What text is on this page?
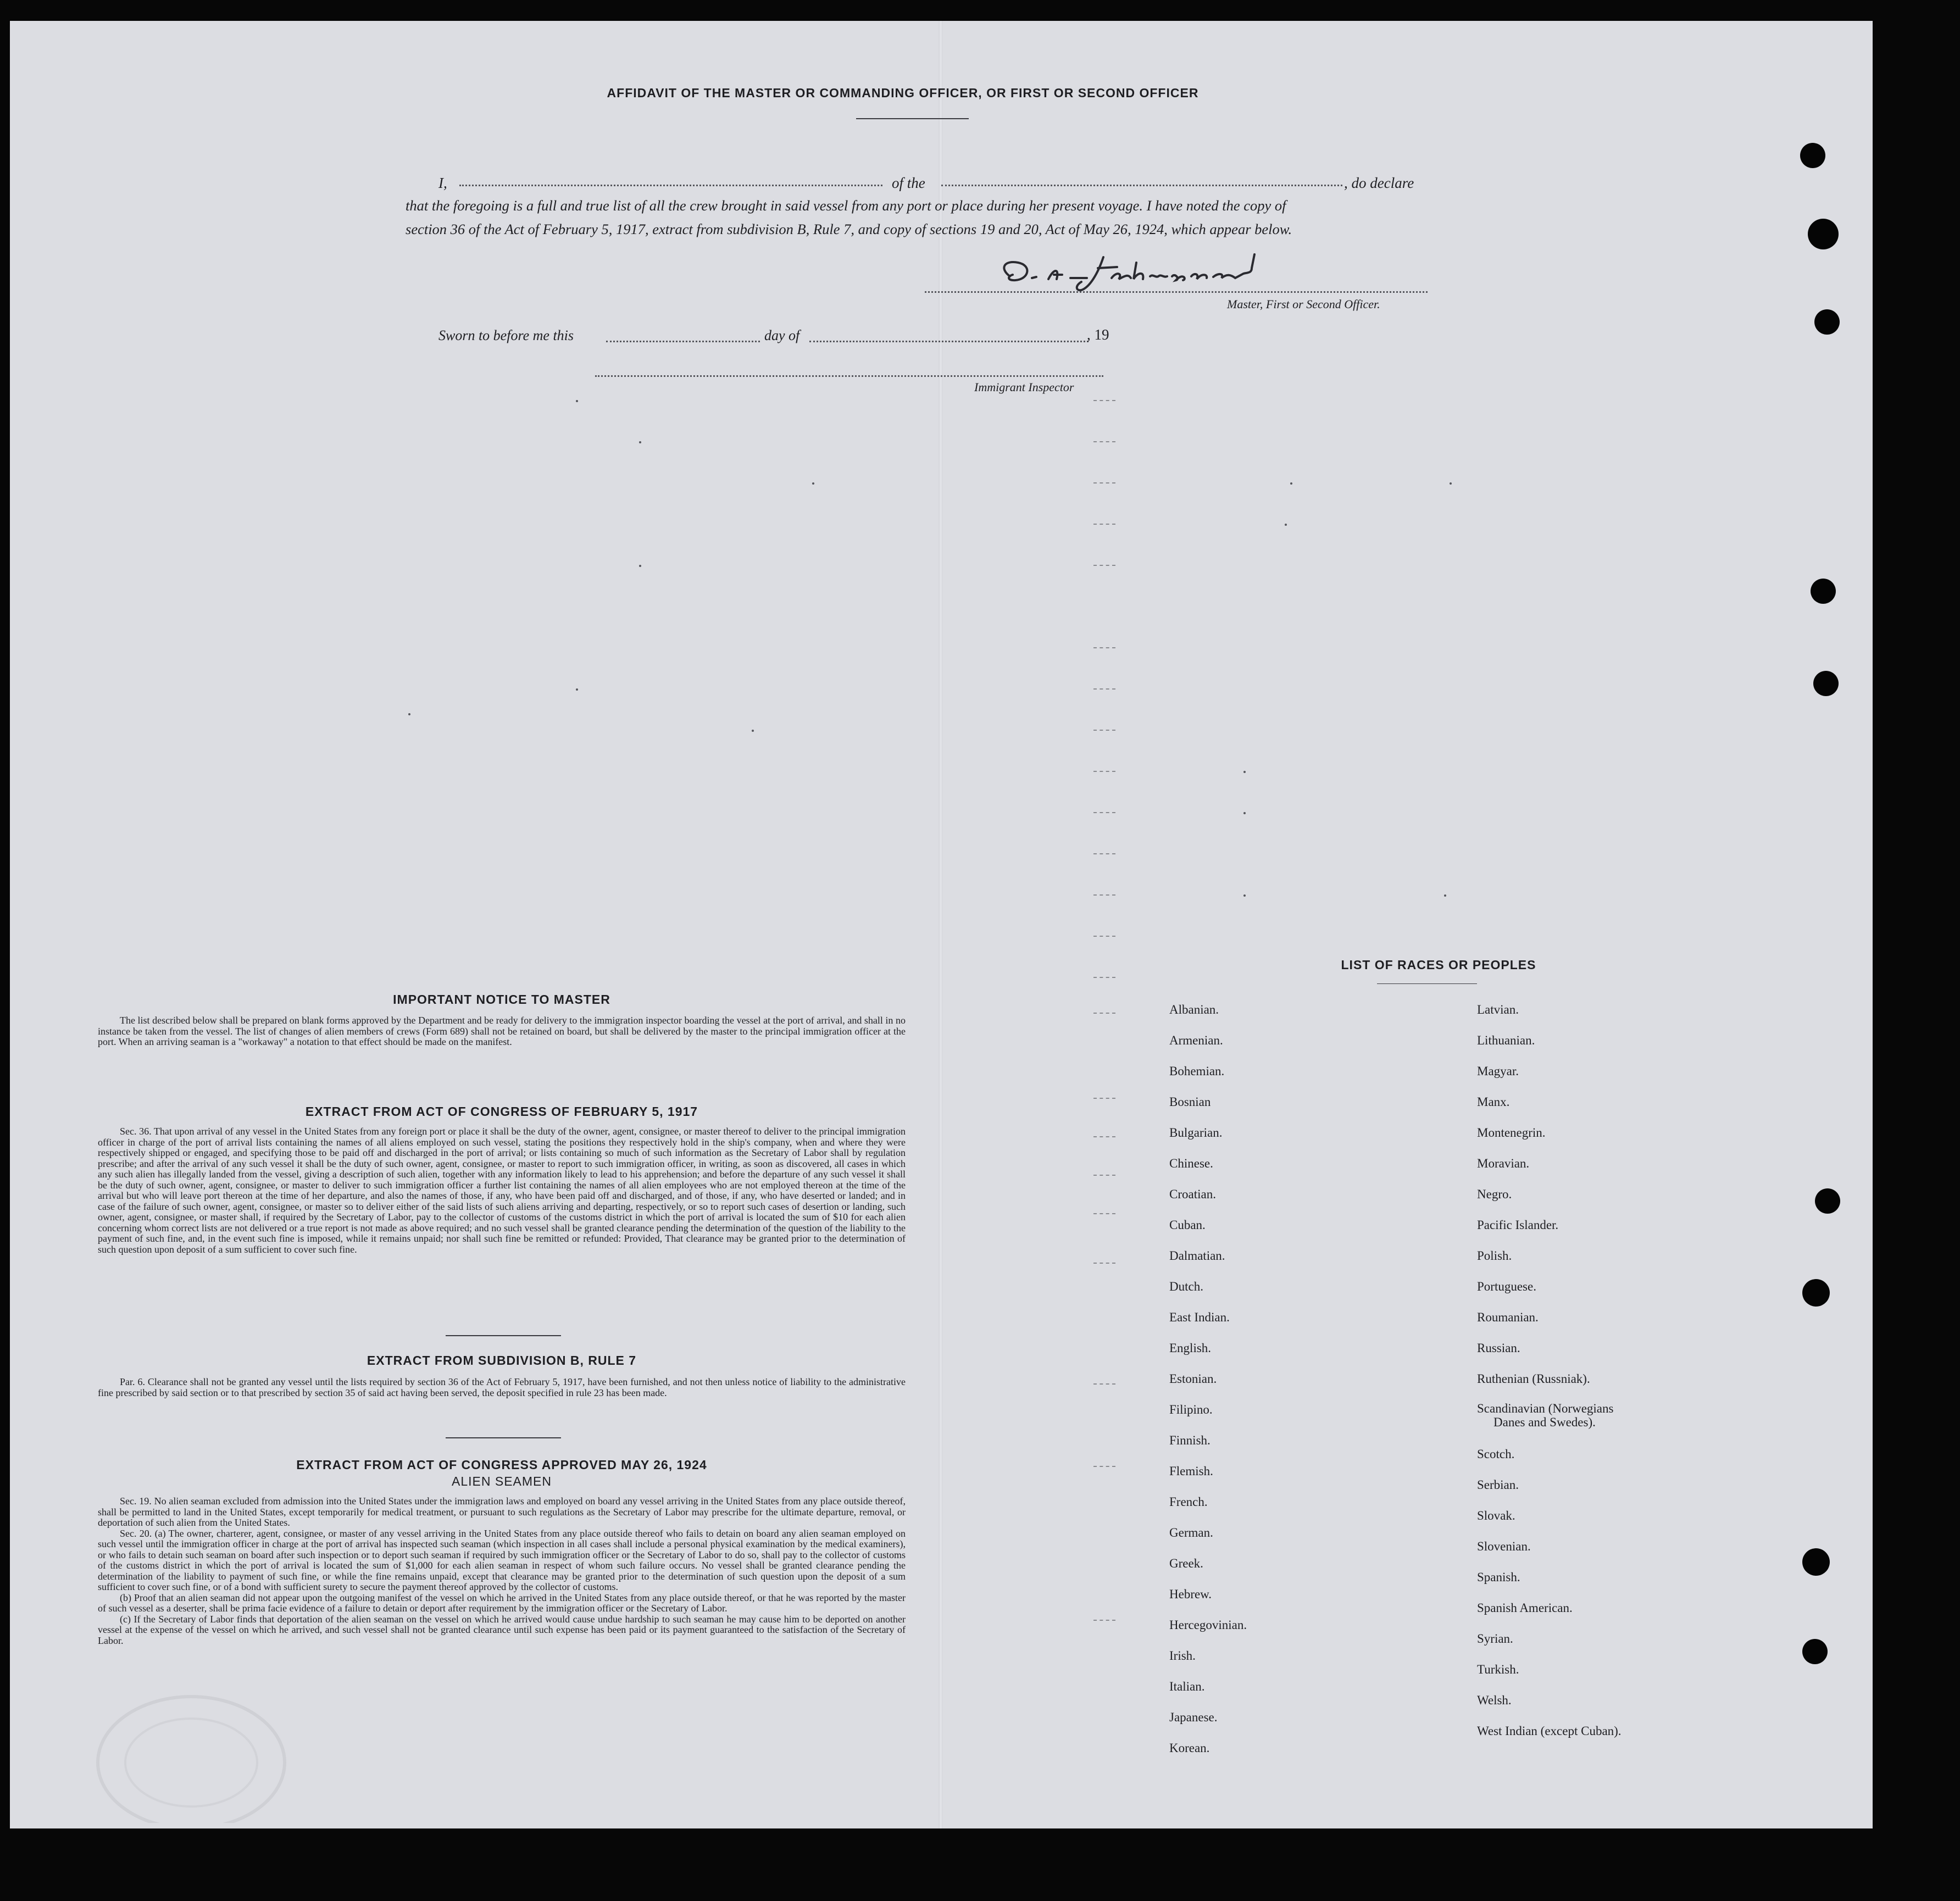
AFFIDAVIT OF THE MASTER OR COMMANDING OFFICER, OR FIRST OR SECOND OFFICER
I,	of the	, do declare
that the foregoing is a full and true list of all the crew brought in said vessel from any port or place during her present voyage. I have noted the copy of
section 36 of the Act of February 5, 1917, extract from subdivision B, Rule 7, and copy of sections 19 and 20, Act of May 26, 1924, which appear below.
Master, First or Second Officer.
Sworn to before me this	day of	, 19
Immigrant Inspector
IMPORTANT NOTICE TO MASTER

The list described below shall be prepared on blank forms approved by the Department and be ready for delivery to the immigration inspector boarding the vessel at the port of arrival, and shall in no instance be taken from the vessel. The list of changes of alien members of crews (Form 689) shall not be retained on board, but shall be delivered by the master to the principal immigration officer at the port. When an arriving seaman is a "workaway" a notation to that effect should be made on the manifest.

EXTRACT FROM ACT OF CONGRESS OF FEBRUARY 5, 1917

Sec. 36. That upon arrival of any vessel in the United States from any foreign port or place it shall be the duty of the owner, agent, consignee, or master thereof to deliver to the principal immigration officer in charge of the port of arrival lists containing the names of all aliens employed on such vessel, stating the positions they respectively hold in the ship's company, when and where they were respectively shipped or engaged, and specifying those to be paid off and discharged in the port of arrival; or lists containing so much of such information as the Secretary of Labor shall by regulation prescribe; and after the arrival of any such vessel it shall be the duty of such owner, agent, consignee, or master to report to such immigration officer, in writing, as soon as discovered, all cases in which any such alien has illegally landed from the vessel, giving a description of such alien, together with any information likely to lead to his apprehension; and before the departure of any such vessel it shall be the duty of such owner, agent, consignee, or master to deliver to such immigration officer a further list containing the names of all alien employees who are not employed thereon at the time of the arrival but who will leave port thereon at the time of her departure, and also the names of those, if any, who have been paid off and discharged, and of those, if any, who have deserted or landed; and in case of the failure of such owner, agent, consignee, or master so to deliver either of the said lists of such aliens arriving and departing, respectively, or so to report such cases of desertion or landing, such owner, agent, consignee, or master shall, if required by the Secretary of Labor, pay to the collector of customs of the customs district in which the port of arrival is located the sum of $10 for each alien concerning whom correct lists are not delivered or a true report is not made as above required; and no such vessel shall be granted clearance pending the determination of the question of the liability to the payment of such fine, and, in the event such fine is imposed, while it remains unpaid; nor shall such fine be remitted or refunded: Provided, That clearance may be granted prior to the determination of such question upon deposit of a sum sufficient to cover such fine.

EXTRACT FROM SUBDIVISION B, RULE 7

Par. 6. Clearance shall not be granted any vessel until the lists required by section 36 of the Act of February 5, 1917, have been furnished, and not then unless notice of liability to the administrative fine prescribed by said section or to that prescribed by section 35 of said act having been served, the deposit specified in rule 23 has been made.

EXTRACT FROM ACT OF CONGRESS APPROVED MAY 26, 1924
ALIEN SEAMEN

Sec. 19. No alien seaman excluded from admission into the United States under the immigration laws and employed on board any vessel arriving in the United States from any place outside thereof, shall be permitted to land in the United States, except temporarily for medical treatment, or pursuant to such regulations as the Secretary of Labor may prescribe for the ultimate departure, removal, or deportation of such alien from the United States.

Sec. 20. (a) The owner, charterer, agent, consignee, or master of any vessel arriving in the United States from any place outside thereof who fails to detain on board any alien seaman employed on such vessel until the immigration officer in charge at the port of arrival has inspected such seaman (which inspection in all cases shall include a personal physical examination by the medical examiners), or who fails to detain such seaman on board after such inspection or to deport such seaman if required by such immigration officer or the Secretary of Labor to do so, shall pay to the collector of customs of the customs district in which the port of arrival is located the sum of $1,000 for each alien seaman in respect of whom such failure occurs. No vessel shall be granted clearance pending the determination of the liability to payment of such fine, or while the fine remains unpaid, except that clearance may be granted prior to the determination of such question upon the deposit of a sum sufficient to cover such fine, or of a bond with sufficient surety to secure the payment thereof approved by the collector of customs.

(b) Proof that an alien seaman did not appear upon the outgoing manifest of the vessel on which he arrived in the United States from any place outside thereof, or that he was reported by the master of such vessel as a deserter, shall be prima facie evidence of a failure to detain or deport after requirement by the immigration officer or the Secretary of Labor.

(c) If the Secretary of Labor finds that deportation of the alien seaman on the vessel on which he arrived would cause undue hardship to such seaman he may cause him to be deported on another vessel at the expense of the vessel on which he arrived, and such vessel shall not be granted clearance until such expense has been paid or its payment guaranteed to the satisfaction of the Secretary of Labor.

LIST OF RACES OR PEOPLES
Albanian.
Armenian.
Bohemian.
Bosnian
Bulgarian.
Chinese.
Croatian.
Cuban.
Dalmatian.
Dutch.
East Indian.
English.
Estonian.
Filipino.
Finnish.
Flemish.
French.
German.
Greek.
Hebrew.
Hercegovinian.
Irish.
Italian.
Japanese.
Korean.
Latvian.
Lithuanian.
Magyar.
Manx.
Montenegrin.
Moravian.
Negro.
Pacific Islander.
Polish.
Portuguese.
Roumanian.
Russian.
Ruthenian (Russniak).
Scandinavian (Norwegians
Danes and Swedes).
Scotch.
Serbian.
Slovak.
Slovenian.
Spanish.
Spanish American.
Syrian.
Turkish.
Welsh.
West Indian (except Cuban).
